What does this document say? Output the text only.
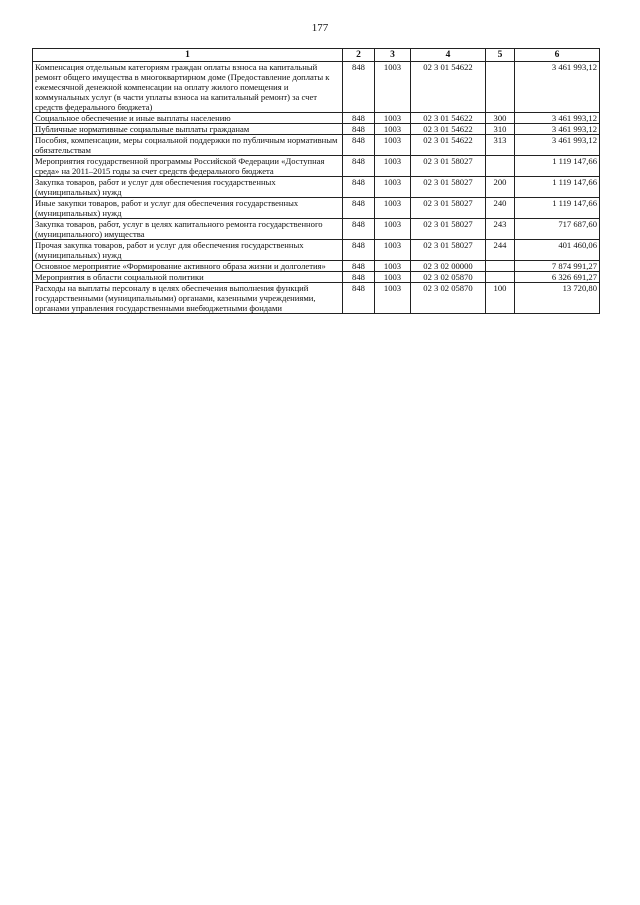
177
1	2	3	4	5	6
Компенсация отдельным категориям граждан оплаты взноса на капитальный ремонт общего имущества в многоквартирном доме (Предоставление доплаты к ежемесячной денежной компенсации на оплату жилого помещения и коммунальных услуг (в части уплаты взноса на капитальный ремонт) за счет средств федерального бюджета)	848	1003	02 3 01 54622		3 461 993,12
Социальное обеспечение и иные выплаты населению	848	1003	02 3 01 54622	300	3 461 993,12
Публичные нормативные социальные выплаты гражданам	848	1003	02 3 01 54622	310	3 461 993,12
Пособия, компенсации, меры социальной поддержки по публичным нормативным обязательствам	848	1003	02 3 01 54622	313	3 461 993,12
Мероприятия государственной программы Российской Федерации «Доступная среда» на 2011–2015 годы за счет средств федерального бюджета	848	1003	02 3 01 58027		1 119 147,66
Закупка товаров, работ и услуг для обеспечения государственных (муниципальных) нужд	848	1003	02 3 01 58027	200	1 119 147,66
Иные закупки товаров, работ и услуг для обеспечения государственных (муниципальных) нужд	848	1003	02 3 01 58027	240	1 119 147,66
Закупка товаров, работ, услуг в целях капитального ремонта государственного (муниципального) имущества	848	1003	02 3 01 58027	243	717 687,60
Прочая закупка товаров, работ и услуг для обеспечения государственных (муниципальных) нужд	848	1003	02 3 01 58027	244	401 460,06
Основное мероприятие «Формирование активного образа жизни и долголетия»	848	1003	02 3 02 00000		7 874 991,27
Мероприятия в области социальной политики	848	1003	02 3 02 05870		6 326 691,27
Расходы на выплаты персоналу в целях обеспечения выполнения функций государственными (муниципальными) органами, казенными учреждениями, органами управления государственными внебюджетными фондами	848	1003	02 3 02 05870	100	13 720,80
